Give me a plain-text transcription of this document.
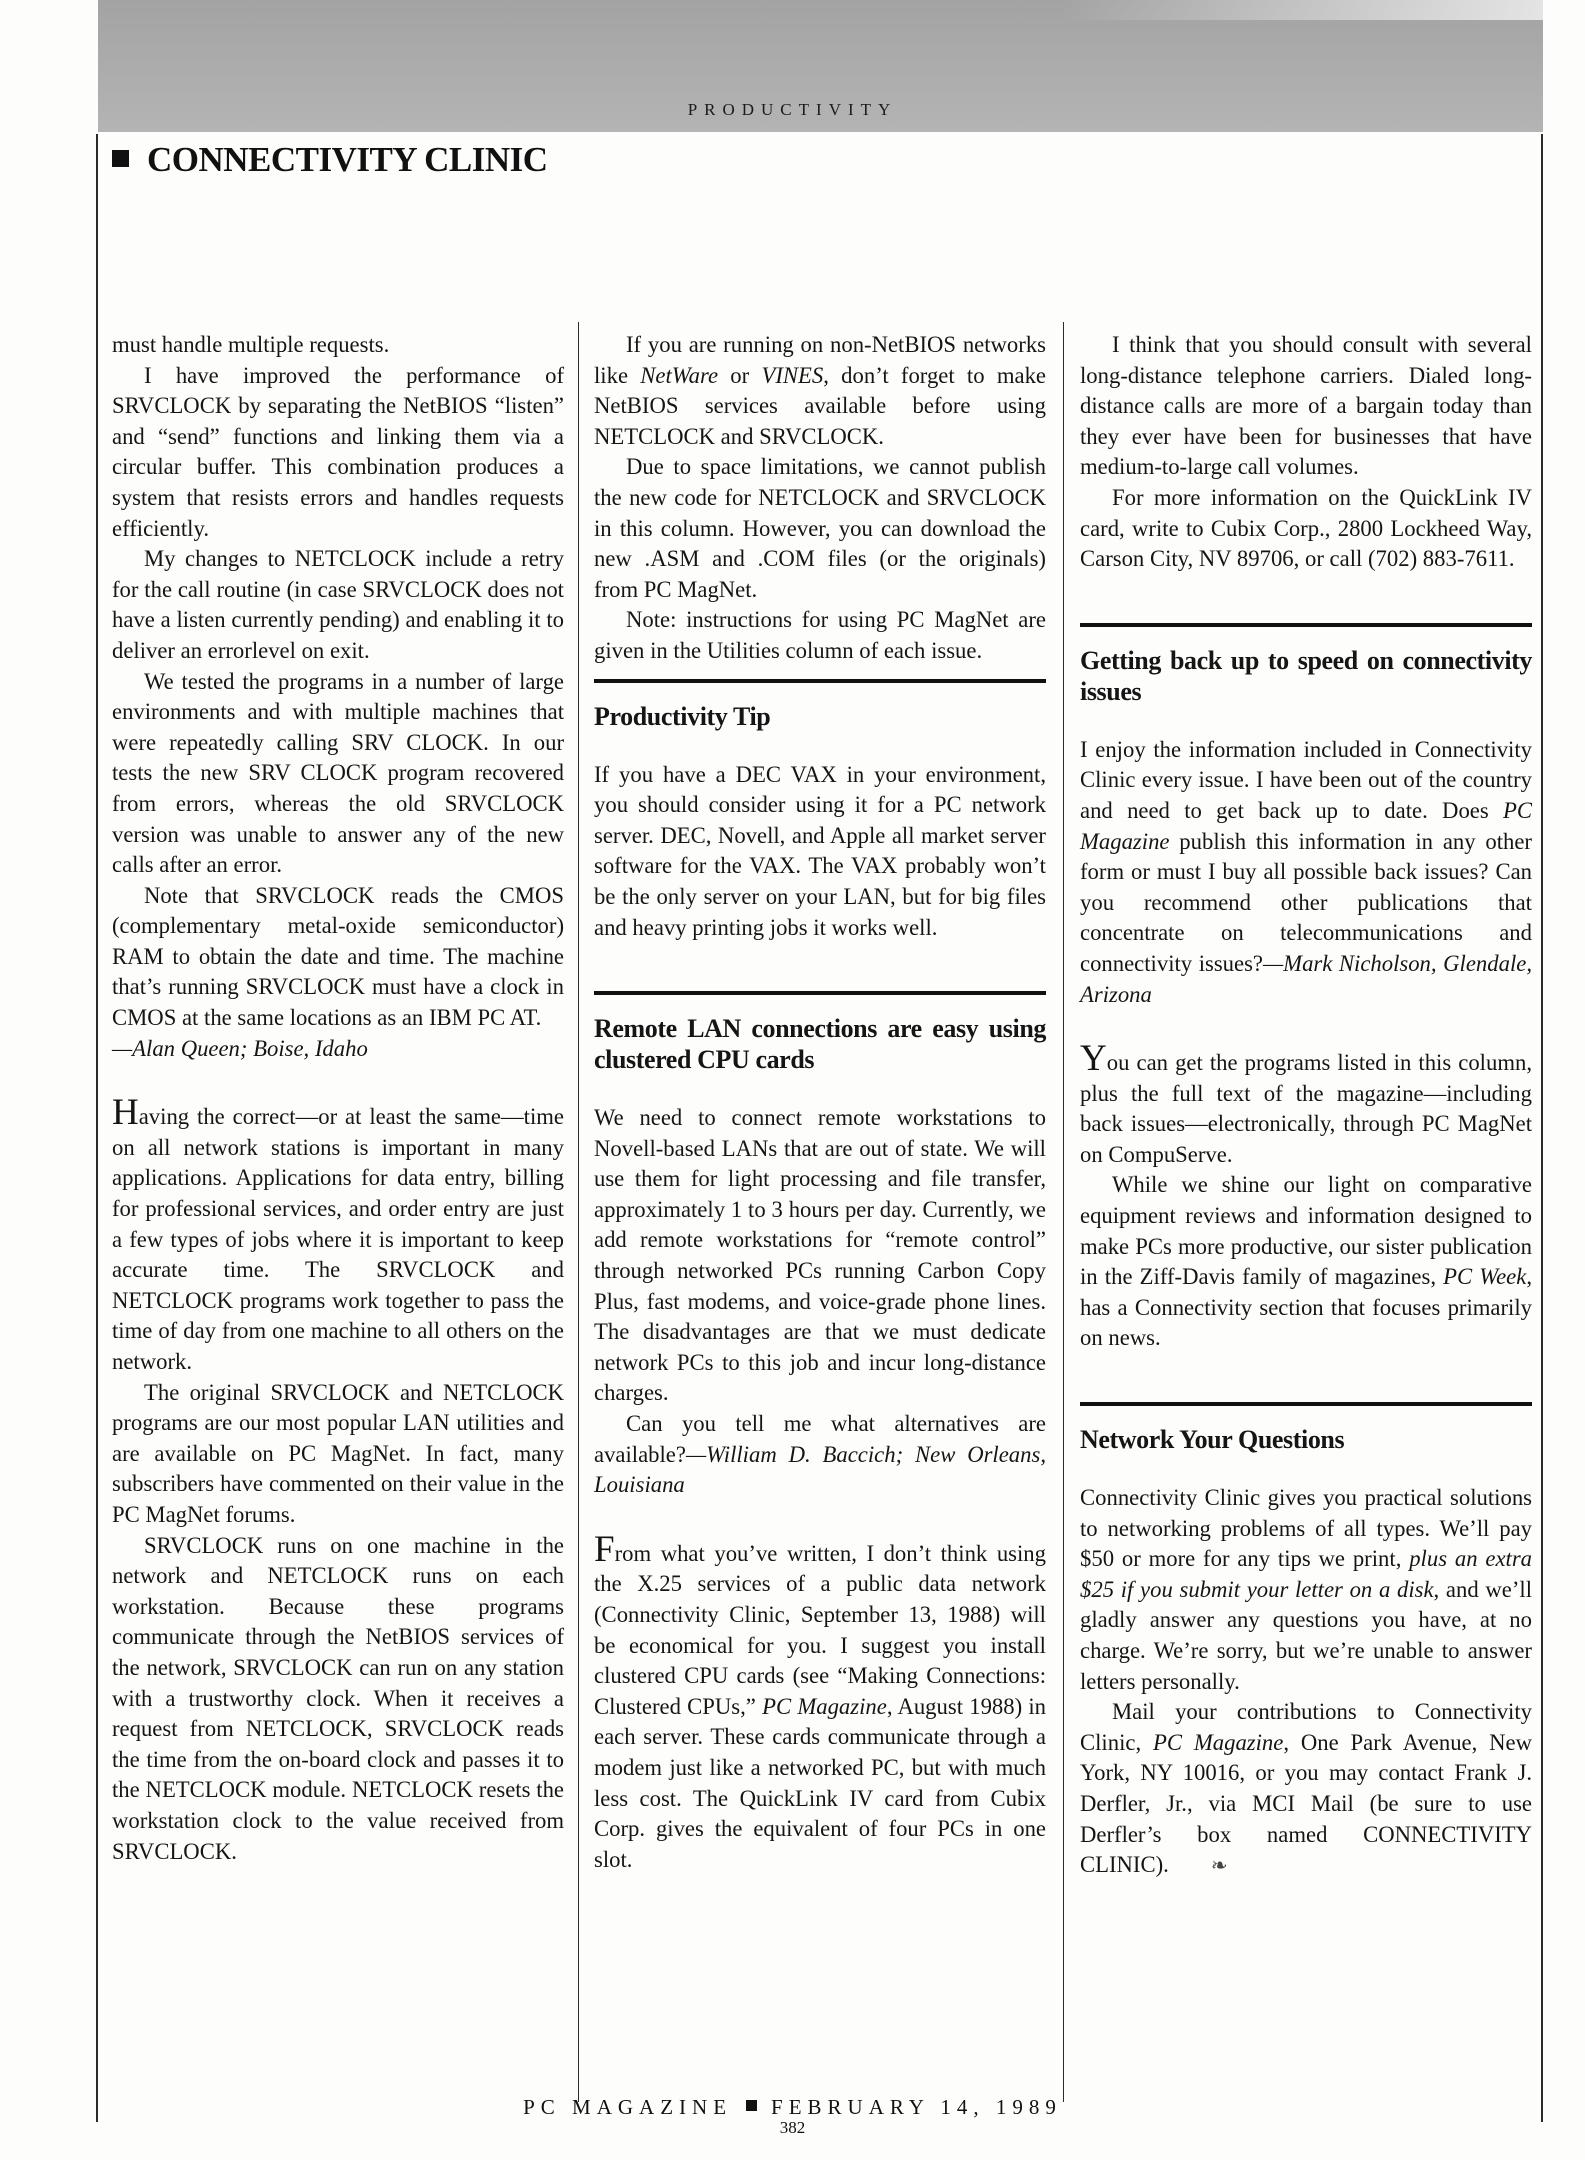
PRODUCTIVITY
CONNECTIVITY CLINIC

must handle multiple requests.

I have improved the performance of SRVCLOCK by separating the NetBIOS “listen” and “send” functions and linking them via a circular buffer. This combination produces a system that resists errors and handles requests efficiently.

My changes to NETCLOCK include a retry for the call routine (in case SRVCLOCK does not have a listen currently pending) and enabling it to deliver an errorlevel on exit.

We tested the programs in a number of large environments and with multiple machines that were repeatedly calling SRV CLOCK. In our tests the new SRV CLOCK program recovered from errors, whereas the old SRVCLOCK version was unable to answer any of the new calls after an error.

Note that SRVCLOCK reads the CMOS (complementary metal-oxide semiconductor) RAM to obtain the date and time. The machine that’s running SRVCLOCK must have a clock in CMOS at the same locations as an IBM PC AT.

—Alan Queen; Boise, Idaho

Having the correct—or at least the same—time on all network stations is important in many applications. Applications for data entry, billing for professional services, and order entry are just a few types of jobs where it is important to keep accurate time. The SRVCLOCK and NETCLOCK programs work together to pass the time of day from one machine to all others on the network.

The original SRVCLOCK and NETCLOCK programs are our most popular LAN utilities and are available on PC MagNet. In fact, many subscribers have commented on their value in the PC MagNet forums.

SRVCLOCK runs on one machine in the network and NETCLOCK runs on each workstation. Because these programs communicate through the NetBIOS services of the network, SRVCLOCK can run on any station with a trustworthy clock. When it receives a request from NETCLOCK, SRVCLOCK reads the time from the on-board clock and passes it to the NETCLOCK module. NETCLOCK resets the workstation clock to the value received from SRVCLOCK.

If you are running on non-NetBIOS networks like NetWare or VINES, don’t forget to make NetBIOS services available before using NETCLOCK and SRVCLOCK.

Due to space limitations, we cannot publish the new code for NETCLOCK and SRVCLOCK in this column. However, you can download the new .ASM and .COM files (or the originals) from PC MagNet.

Note: instructions for using PC MagNet are given in the Utilities column of each issue.

Productivity Tip

If you have a DEC VAX in your environment, you should consider using it for a PC network server. DEC, Novell, and Apple all market server software for the VAX. The VAX probably won’t be the only server on your LAN, but for big files and heavy printing jobs it works well.

Remote LAN connections are easy using clustered CPU cards

We need to connect remote workstations to Novell-based LANs that are out of state. We will use them for light processing and file transfer, approximately 1 to 3 hours per day. Currently, we add remote workstations for “remote control” through networked PCs running Carbon Copy Plus, fast modems, and voice-grade phone lines. The disadvantages are that we must dedicate network PCs to this job and incur long-distance charges.

Can you tell me what alternatives are available?—William D. Baccich; New Orleans, Louisiana

From what you’ve written, I don’t think using the X.25 services of a public data network (Connectivity Clinic, September 13, 1988) will be economical for you. I suggest you install clustered CPU cards (see “Making Connections: Clustered CPUs,” PC Magazine, August 1988) in each server. These cards communicate through a modem just like a networked PC, but with much less cost. The QuickLink IV card from Cubix Corp. gives the equivalent of four PCs in one slot.

I think that you should consult with several long-distance telephone carriers. Dialed long-distance calls are more of a bargain today than they ever have been for businesses that have medium-to-large call volumes.

For more information on the QuickLink IV card, write to Cubix Corp., 2800 Lockheed Way, Carson City, NV 89706, or call (702) 883-7611.

Getting back up to speed on connectivity issues

I enjoy the information included in Connectivity Clinic every issue. I have been out of the country and need to get back up to date. Does PC Magazine publish this information in any other form or must I buy all possible back issues? Can you recommend other publications that concentrate on telecommunications and connectivity issues?—Mark Nicholson, Glendale, Arizona

You can get the programs listed in this column, plus the full text of the magazine—including back issues—electronically, through PC MagNet on CompuServe.

While we shine our light on comparative equipment reviews and information designed to make PCs more productive, our sister publication in the Ziff-Davis family of magazines, PC Week, has a Connectivity section that focuses primarily on news.

Network Your Questions

Connectivity Clinic gives you practical solutions to networking problems of all types. We’ll pay $50 or more for any tips we print, plus an extra $25 if you submit your letter on a disk, and we’ll gladly answer any questions you have, at no charge. We’re sorry, but we’re unable to answer letters personally.

Mail your contributions to Connectivity Clinic, PC Magazine, One Park Avenue, New York, NY 10016, or you may contact Frank J. Derfler, Jr., via MCI Mail (be sure to use Derfler’s box named CONNECTIVITY CLINIC). ❧

PC MAGAZINE FEBRUARY 14, 1989
382
